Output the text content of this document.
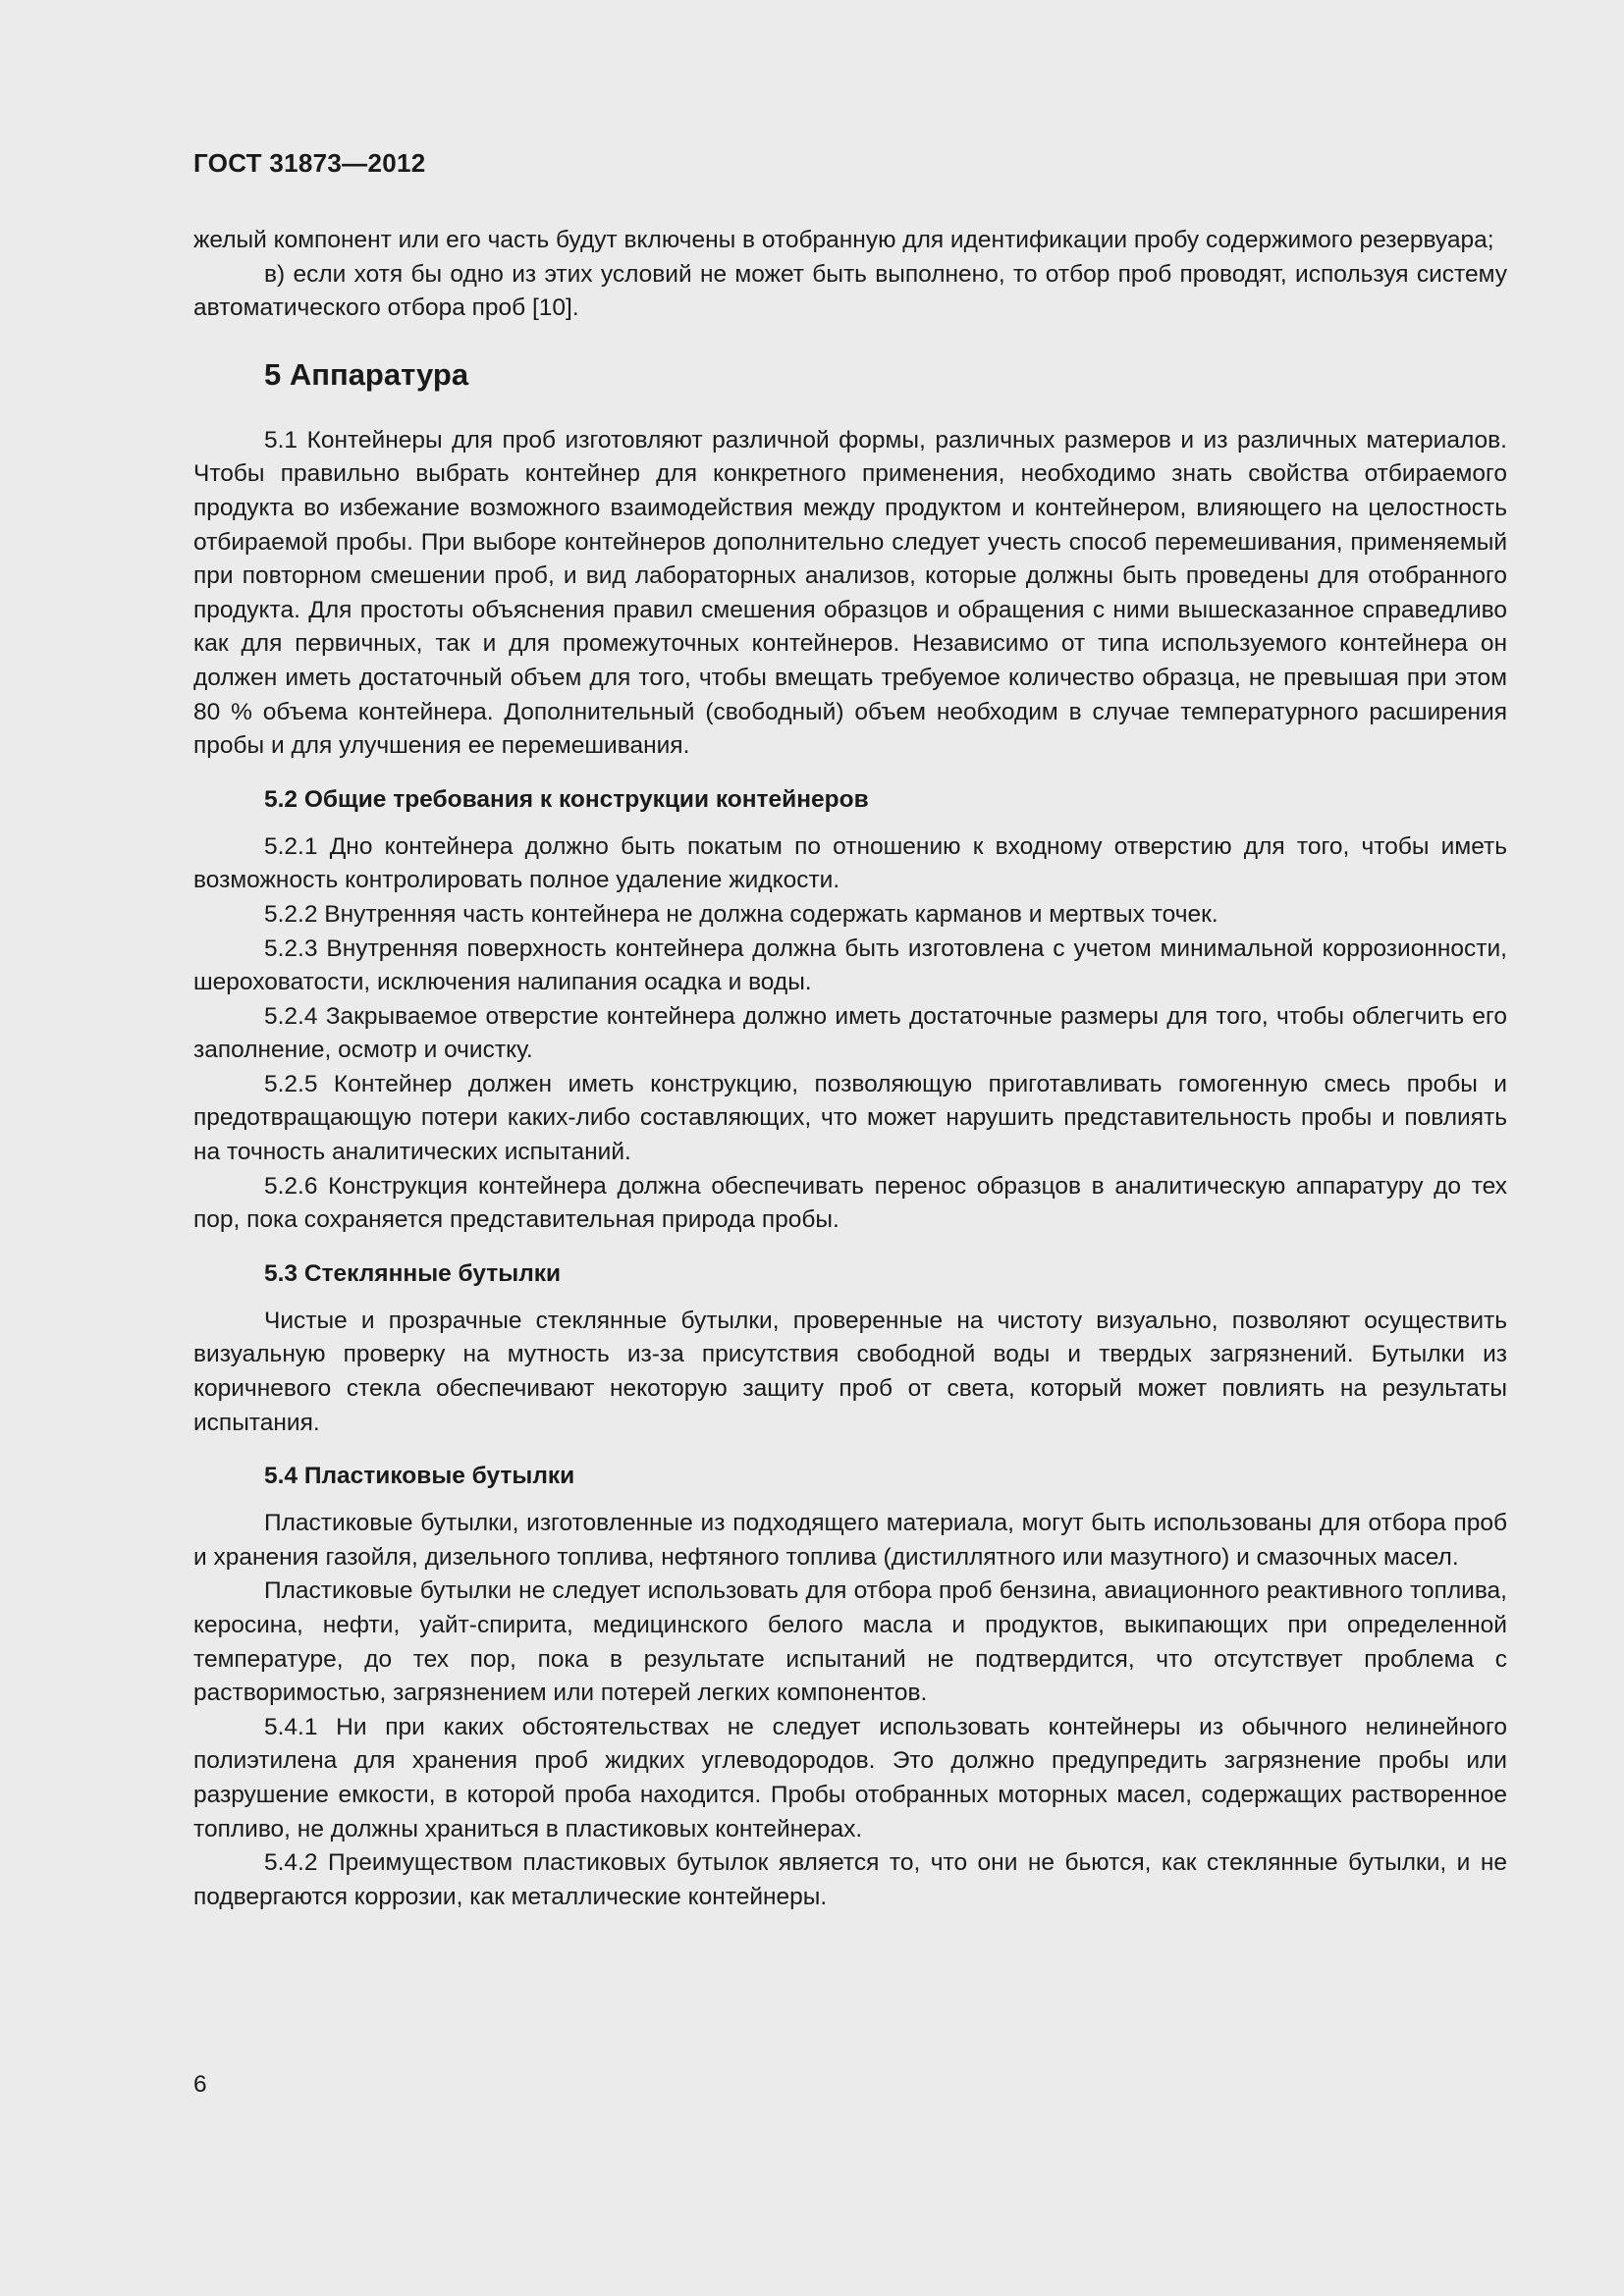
ГОСТ 31873—2012

желый компонент или его часть будут включены в отобранную для идентификации пробу содержимого резервуара;

в) если хотя бы одно из этих условий не может быть выполнено, то отбор проб проводят, используя систему автоматического отбора проб [10].

5 Аппаратура

5.1 Контейнеры для проб изготовляют различной формы, различных размеров и из различных материалов. Чтобы правильно выбрать контейнер для конкретного применения, необходимо знать свойства отбираемого продукта во избежание возможного взаимодействия между продуктом и контейнером, влияющего на целостность отбираемой пробы. При выборе контейнеров дополнительно следует учесть способ перемешивания, применяемый при повторном смешении проб, и вид лабораторных анализов, которые должны быть проведены для отобранного продукта. Для простоты объяснения правил смешения образцов и обращения с ними вышесказанное справедливо как для первичных, так и для промежуточных контейнеров. Независимо от типа используемого контейнера он должен иметь достаточный объем для того, чтобы вмещать требуемое количество образца, не превышая при этом 80 % объема контейнера. Дополнительный (свободный) объем необходим в случае температурного расширения пробы и для улучшения ее перемешивания.

5.2 Общие требования к конструкции контейнеров

5.2.1 Дно контейнера должно быть покатым по отношению к входному отверстию для того, чтобы иметь возможность контролировать полное удаление жидкости.

5.2.2 Внутренняя часть контейнера не должна содержать карманов и мертвых точек.

5.2.3 Внутренняя поверхность контейнера должна быть изготовлена с учетом минимальной коррозионности, шероховатости, исключения налипания осадка и воды.

5.2.4 Закрываемое отверстие контейнера должно иметь достаточные размеры для того, чтобы облегчить его заполнение, осмотр и очистку.

5.2.5 Контейнер должен иметь конструкцию, позволяющую приготавливать гомогенную смесь пробы и предотвращающую потери каких-либо составляющих, что может нарушить представительность пробы и повлиять на точность аналитических испытаний.

5.2.6 Конструкция контейнера должна обеспечивать перенос образцов в аналитическую аппаратуру до тех пор, пока сохраняется представительная природа пробы.

5.3 Стеклянные бутылки

Чистые и прозрачные стеклянные бутылки, проверенные на чистоту визуально, позволяют осуществить визуальную проверку на мутность из-за присутствия свободной воды и твердых загрязнений. Бутылки из коричневого стекла обеспечивают некоторую защиту проб от света, который может повлиять на результаты испытания.

5.4 Пластиковые бутылки

Пластиковые бутылки, изготовленные из подходящего материала, могут быть использованы для отбора проб и хранения газойля, дизельного топлива, нефтяного топлива (дистиллятного или мазутного) и смазочных масел.

Пластиковые бутылки не следует использовать для отбора проб бензина, авиационного реактивного топлива, керосина, нефти, уайт-спирита, медицинского белого масла и продуктов, выкипающих при определенной температуре, до тех пор, пока в результате испытаний не подтвердится, что отсутствует проблема с растворимостью, загрязнением или потерей легких компонентов.

5.4.1 Ни при каких обстоятельствах не следует использовать контейнеры из обычного нелинейного полиэтилена для хранения проб жидких углеводородов. Это должно предупредить загрязнение пробы или разрушение емкости, в которой проба находится. Пробы отобранных моторных масел, содержащих растворенное топливо, не должны храниться в пластиковых контейнерах.

5.4.2 Преимуществом пластиковых бутылок является то, что они не бьются, как стеклянные бутылки, и не подвергаются коррозии, как металлические контейнеры.

6
